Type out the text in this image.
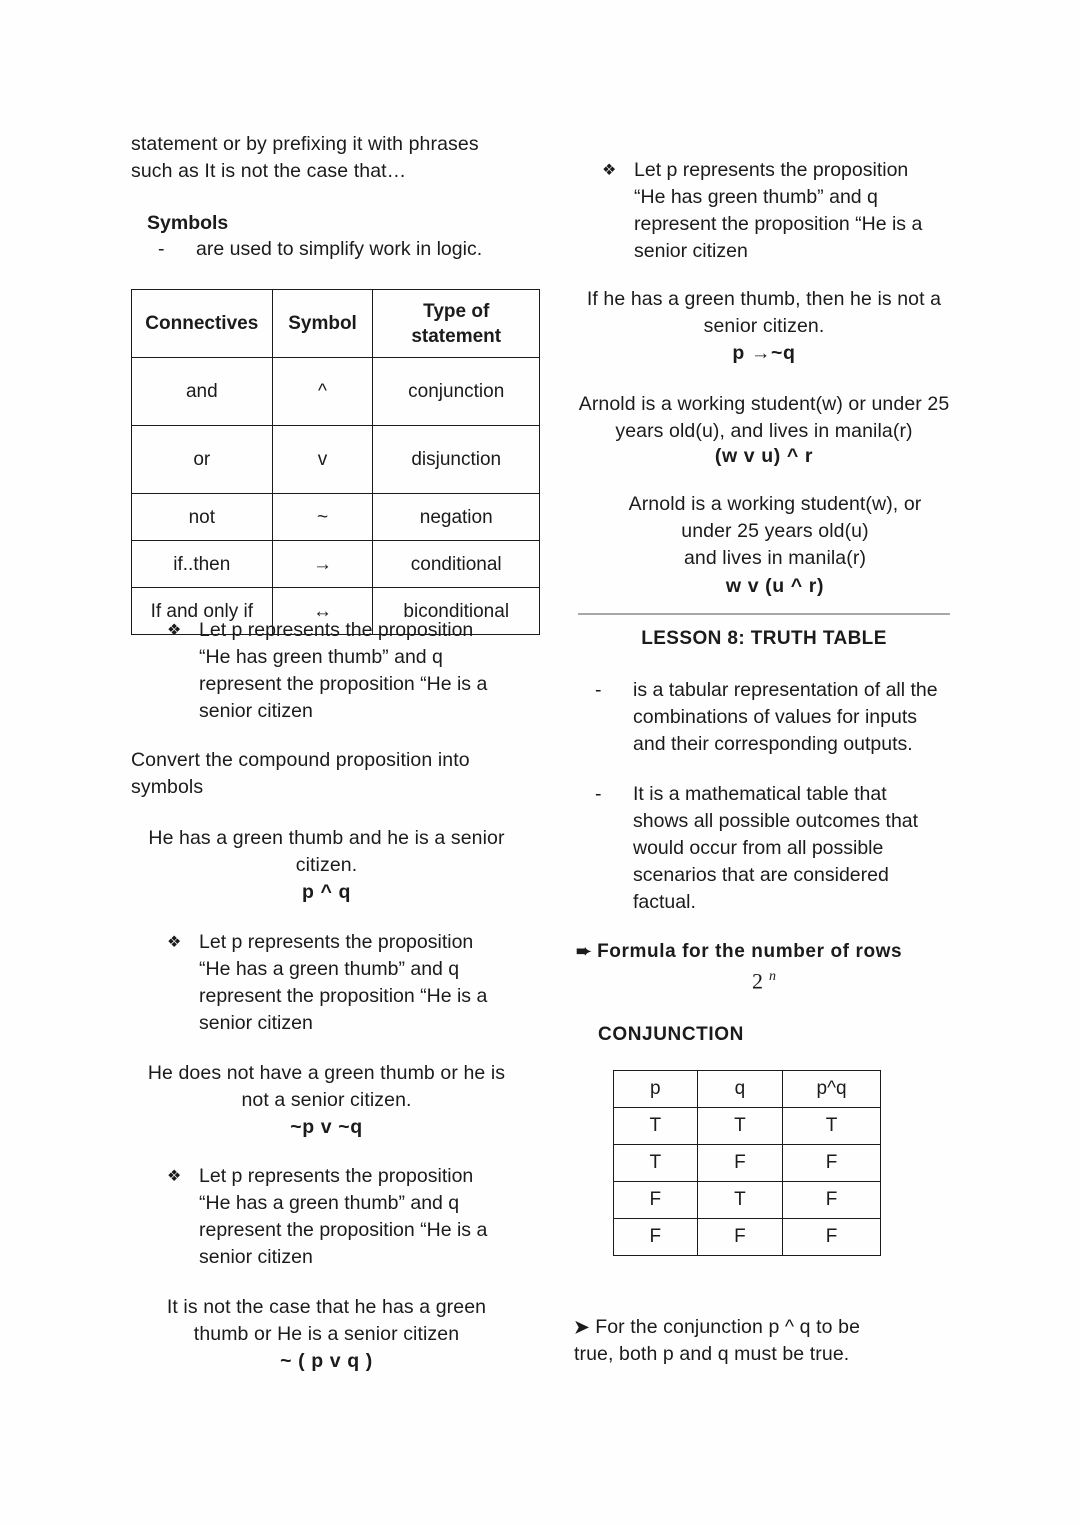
statement or by prefixing it with phrases such as It is not the case that…
Symbols
-	are used to simplify work in logic.
Connectives	Symbol	Type of
statement

and	^	conjunction
or	v	disjunction
not	~	negation
if..then	→	conditional
If and only if	↔	biconditional
❖ Let p represents the proposition “He has green thumb” and q represent the proposition “He is a senior citizen
Convert the compound proposition into symbols
He has a green thumb and he is a senior
citizen.
p ^ q
❖ Let p represents the proposition “He has a green thumb” and q represent the proposition “He is a senior citizen
He does not have a green thumb or he is
not a senior citizen.
~p v ~q
❖ Let p represents the proposition “He has a green thumb” and q represent the proposition “He is a senior citizen
It is not the case that he has a green
thumb or He is a senior citizen
~ ( p v q )
❖ Let p represents the proposition “He has green thumb” and q represent the proposition “He is a senior citizen
If he has a green thumb, then he is not a
senior citizen.
p →~q
Arnold is a working student(w) or under 25
years old(u), and lives in manila(r)
(w v u) ^ r
Arnold is a working student(w), or
under 25 years old(u)
and lives in manila(r)
w v (u ^ r)
LESSON 8: TRUTH TABLE
-	is a tabular representation of all the combinations of values for inputs and their corresponding outputs.
-	It is a mathematical table that shows all possible outcomes that would occur from all possible scenarios that are considered factual.
➨ Formula for the number of rows
2 $^n$
CONJUNCTION
p	q	p^q
T	T	T
T	F	F
F	T	F
F	F	F
➤ For the conjunction p ^ q to be
true, both p and q must be true.
